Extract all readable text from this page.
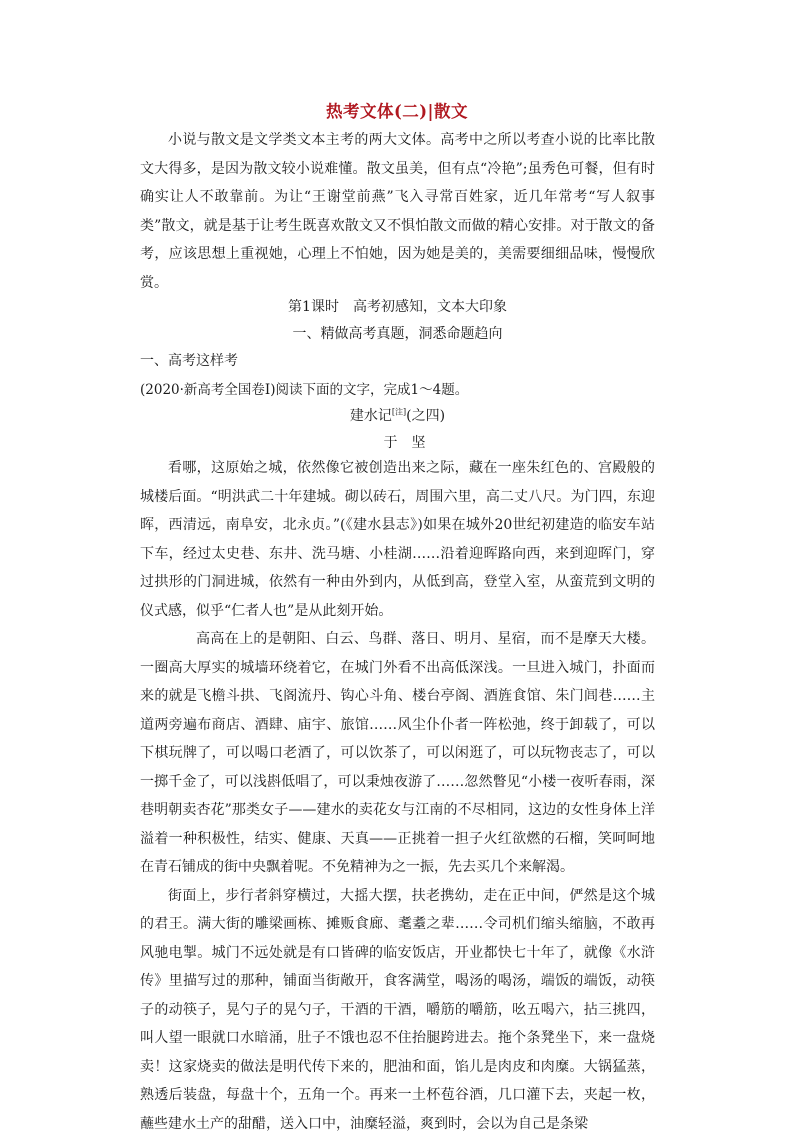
热考文体(二)|散文

小说与散文是文学类文本主考的两大文体。高考中之所以考查小说的比率比散文大得多，是因为散文较小说难懂。散文虽美，但有点“冷艳”;虽秀色可餐，但有时确实让人不敢靠前。为让“王谢堂前燕”飞入寻常百姓家，近几年常考“写人叙事类”散文，就是基于让考生既喜欢散文又不惧怕散文而做的精心安排。对于散文的备考，应该思想上重视她，心理上不怕她，因为她是美的，美需要细细品味，慢慢欣赏。

第1课时　高考初感知，文本大印象
一、精做高考真题，洞悉命题趋向
一、高考这样考
(2020·新高考全国卷Ⅰ)阅读下面的文字，完成1～4题。
建水记[注](之四)
于坚

看哪，这原始之城，依然像它被创造出来之际，藏在一座朱红色的、宫殿般的城楼后面。“明洪武二十年建城。砌以砖石，周围六里，高二丈八尺。为门四，东迎晖，西清远，南阜安，北永贞。”(《建水县志》)如果在城外20世纪初建造的临安车站下车，经过太史巷、东井、洗马塘、小桂湖……沿着迎晖路向西，来到迎晖门，穿过拱形的门洞进城，依然有一种由外到内，从低到高，登堂入室，从蛮荒到文明的仪式感，似乎“仁者人也”是从此刻开始。

高高在上的是朝阳、白云、鸟群、落日、明月、星宿，而不是摩天大楼。一圈高大厚实的城墙环绕着它，在城门外看不出高低深浅。一旦进入城门，扑面而来的就是飞檐斗拱、飞阁流丹、钩心斗角、楼台亭阁、酒旌食馆、朱门闾巷……主道两旁遍布商店、酒肆、庙宇、旅馆……风尘仆仆者一阵松弛，终于卸载了，可以下棋玩牌了，可以喝口老酒了，可以饮茶了，可以闲逛了，可以玩物丧志了，可以一掷千金了，可以浅斟低唱了，可以秉烛夜游了……忽然瞥见“小楼一夜听春雨，深巷明朝卖杏花”那类女子——建水的卖花女与江南的不尽相同，这边的女性身体上洋溢着一种积极性，结实、健康、天真——正挑着一担子火红欲燃的石榴，笑呵呵地在青石铺成的街中央飘着呢。不免精神为之一振，先去买几个来解渴。

街面上，步行者斜穿横过，大摇大摆，扶老携幼，走在正中间，俨然是这个城的君王。满大街的雕梁画栋、摊贩食廊、耄耋之辈……令司机们缩头缩脑，不敢再风驰电掣。城门不远处就是有口皆碑的临安饭店，开业都快七十年了，就像《水浒传》里描写过的那种，铺面当街敞开，食客满堂，喝汤的喝汤，端饭的端饭，动筷子的动筷子，晃勺子的晃勺子，干酒的干酒，嚼筋的嚼筋，吆五喝六，拈三挑四，叫人望一眼就口水暗涌，肚子不饿也忍不住抬腿跨进去。拖个条凳坐下，来一盘烧卖！这家烧卖的做法是明代传下来的，肥油和面，馅儿是肉皮和肉糜。大锅猛蒸，熟透后装盘，每盘十个，五角一个。再来一土杯苞谷酒，几口灌下去，夹起一枚，蘸些建水土产的甜醋，送入口中，油糜轻溢，爽到时，会以为自己是条梁
